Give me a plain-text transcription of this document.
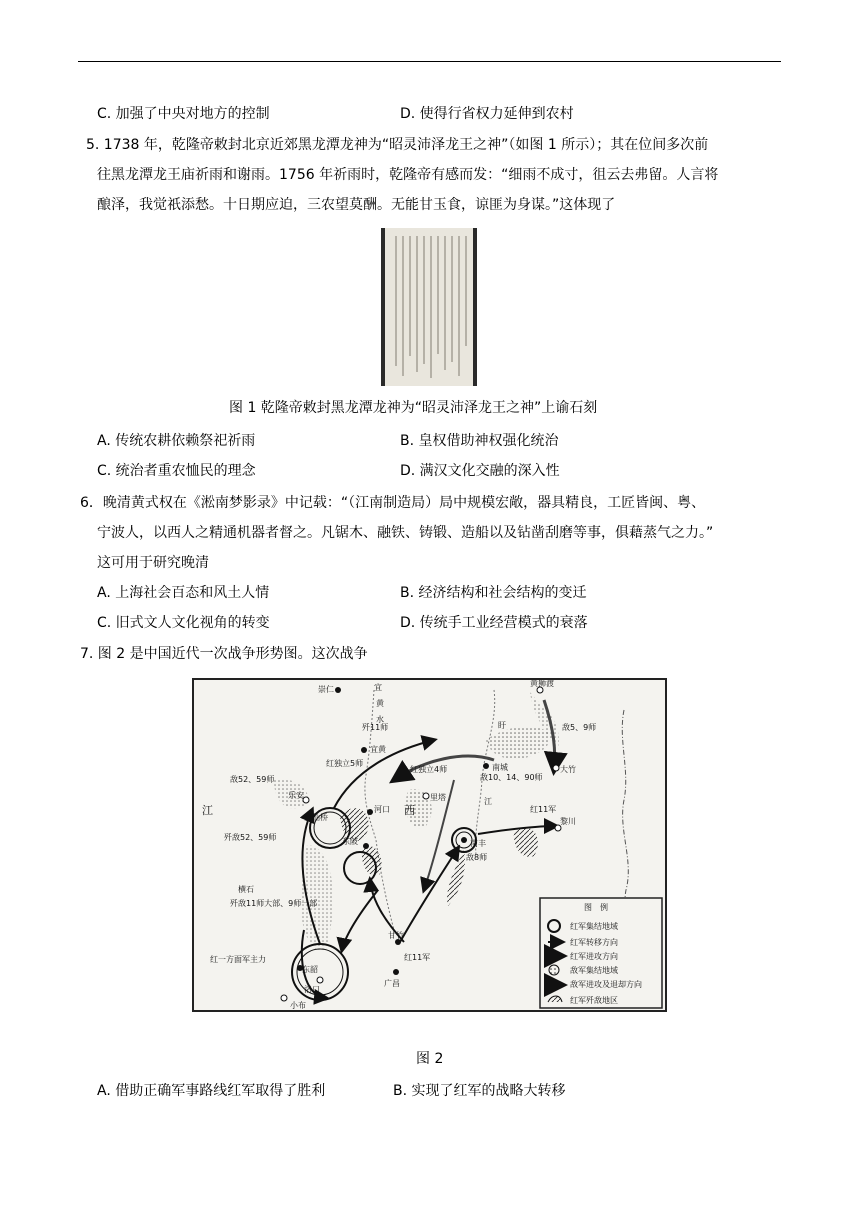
C. 加强了中央对地方的控制	D. 使得行省权力延伸到农村
5. 1738 年，乾隆帝敕封北京近郊黑龙潭龙神为“昭灵沛泽龙王之神”（如图 1 所示）；其在位间多次前
往黑龙潭龙王庙祈雨和谢雨。1756 年祈雨时，乾隆帝有感而发：“细雨不成寸，徂云去弗留。人言将
酿泽，我觉祇添愁。十日期应迫，三农望莫酬。无能甘玉食，谅匪为身谋。”这体现了
图 1 乾隆帝敕封黑龙潭龙神为“昭灵沛泽龙王之神”上谕石刻
A. 传统农耕依赖祭祀祈雨	B. 皇权借助神权强化统治
C. 统治者重农恤民的理念	D. 满汉文化交融的深入性
6．晚清黄式权在《淞南梦影录》中记载：“（江南制造局）局中规模宏敞，器具精良，工匠皆闽、粤、
宁波人，以西人之精通机器者督之。凡锯木、融铁、铸锻、造船以及钻凿刮磨等事，俱藉蒸气之力。”
这可用于研究晚清
A. 上海社会百态和风土人情	B. 经济结构和社会结构的变迁
C. 旧式文人文化视角的转变	D. 传统手工业经营模式的衰落
7. 图 2 是中国近代一次战争形势图。这次战争
崇仁
宜黄
黄狮渡
大竹
南城
里塔
乐安
登仙桥
河口
东陂	南丰
黎川
横石
甘竹
广昌
东韶
洛口
小布
江	西
宜
黄
水
盱
江
歼11师
红独立5师
红独立4师
敌10、14、90师
敌5、9师
敌52、59师
歼敌52、59师
红11军
敌8师
歼敌11师大部、9师一部
红一方面军主力	红11军
图　例
红军集结地域
红军转移方向
红军进攻方向
敌军集结地域
敌军进攻及退却方向
红军歼敌地区
图 2
A. 借助正确军事路线红军取得了胜利	B. 实现了红军的战略大转移
